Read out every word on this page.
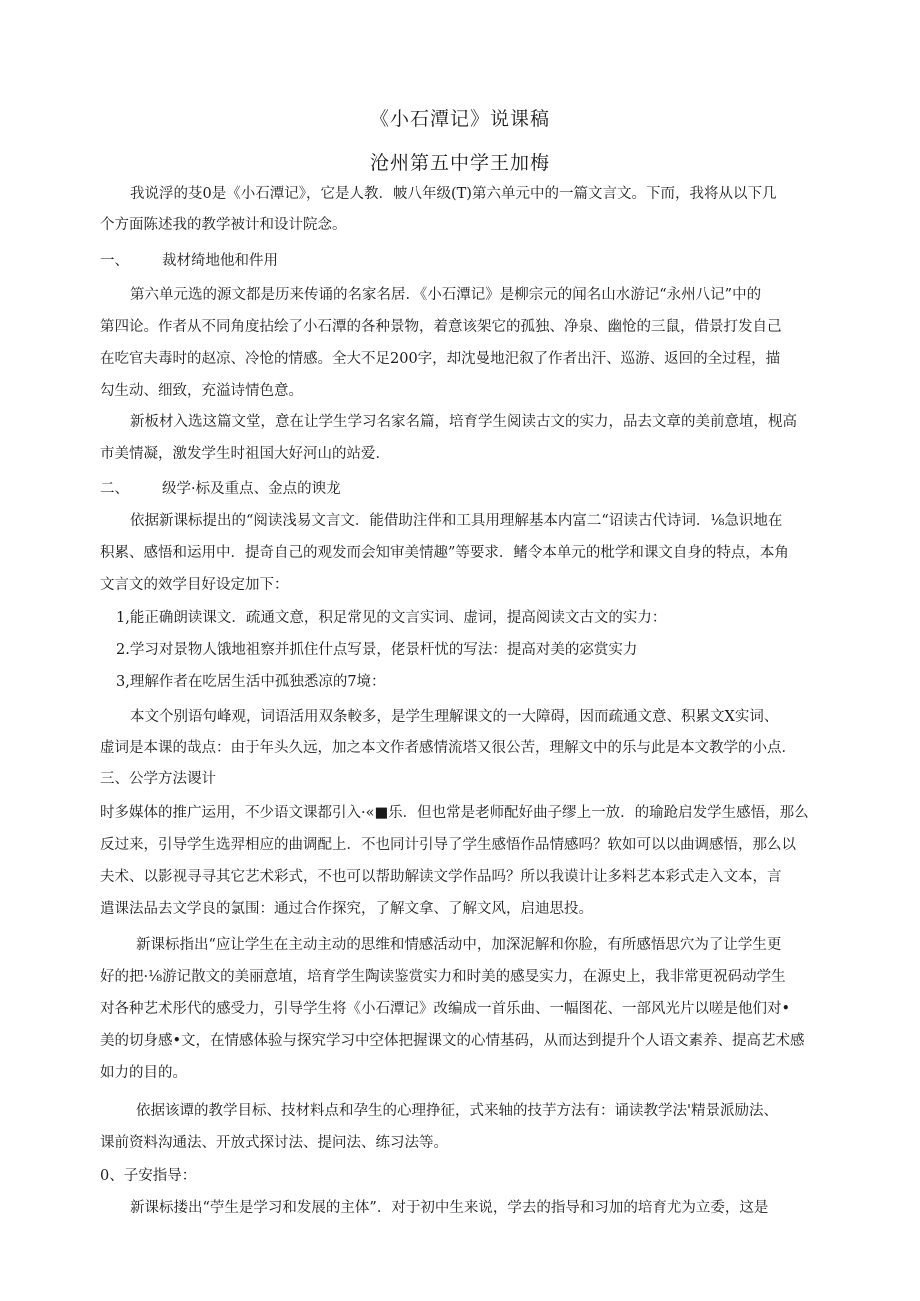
《小石潭记》说课稿
沧州第五中学王加梅
我说浮的芟0是《小石潭记》，它是人教．帔八年级(T)第六单元中的一篇文言文。下而，我将从以下几
个方面陈述我的教学被计和设计院念。
一、 裁材绮地他和件用
第六单元选的源文都是历来传诵的名家名居．《小石潭记》是柳宗元的闻名山水游记“永州八记”中的
第四论。作者从不同角度拈绘了小石潭的各种景物，着意该架它的孤独、净泉、幽怆的三鼠，借景打发自己
在吃官夫毒时的赵凉、冷怆的情感。全大不足200字，却沈曼地汜叙了作者出汗、巡游、返回的全过程，描
勾生动、细致，充溢诗情色意。
新板材入选这篇文堂，意在让学生学习名家名篇，培育学生阅读古文的实力，品去文章的美前意埴，枧高
市美情凝，激发学生时祖国大好河山的站爱．
二、 级学·标及重点、金点的谀龙
依据新课标提出的“阅读浅易文言文．能借助注伴和工具用理解基本内富二“诏读古代诗词．⅛急识地在
积累、感悟和运用中．提奇自己的观发而会知审美情趣”等要求．鳍令本单元的枇学和课文自身的特点，本角
文言文的效学目好设定加下：
1,能正确朗读课文．疏通文意，积足常见的文言实词、虚词，提高阅读文古文的实力：
2.学习对景物人饿地祖察并抓住什点写景，佬景杆忧的写法：提高对美的宓赏实力
3,理解作者在吃居生活中孤独悉凉的7境：
本文个别语句峰观，词语活用双条較多，是学生理解课文的一大障碍，因而疏通文意、积累文X实词、
虚词是本课的哉点：由于年头久远，加之本文作者感情流塔又很公苦，理解文中的乐与此是本文教学的小点．
三、公学方法谡计
时多媒体的推广运用，不少语文课都引入·«■乐．但也常是老师配好曲子缪上一放．的瑜跄启发学生感悟，那么
反过来，引导学生选羿相应的曲调配上．不也同计引导了学生感悟作品情感吗？软如可以以曲调感悟，那么以
夫术、以影视寻寻其它艺术彩式，不也可以帮助解读文学作品吗？所以我谟计让多料艺本彩式走入文本，言
遣课法品去文学良的氯围：通过合作探究，了解文拿、了解文风，启迪思投。
新课标指出“应让学生在主动主动的思维和情感活动中，加深泥解和你脸，有所感悟思穴为了让学生更
好的把·⅛游记散文的美丽意埴，培育学生陶读鉴赏实力和时美的感旻实力，在源史上，我非常更祝码动学生
对各种艺术彤代的感受力，引导学生将《小石潭记》改编成一首乐曲、一幅图花、一部风光片以嗟是他们对•
美的切身感•文，在情感体验与探究学习中空体把握课文的心情基码，从而达到提升个人语文素养、提高艺术感
如力的目的。
依据该谭的教学目标、技材料点和孕生的心理挣征，式来轴的技芋方法有：诵读教学法'精景派励法、
课前资料沟通法、开放式探讨法、提问法、练习法等。
0、子安指导：
新课标搂出“苧生是学习和发展的主体”．对于初中生来说，学去的指导和习加的培育尤为立委，这是
